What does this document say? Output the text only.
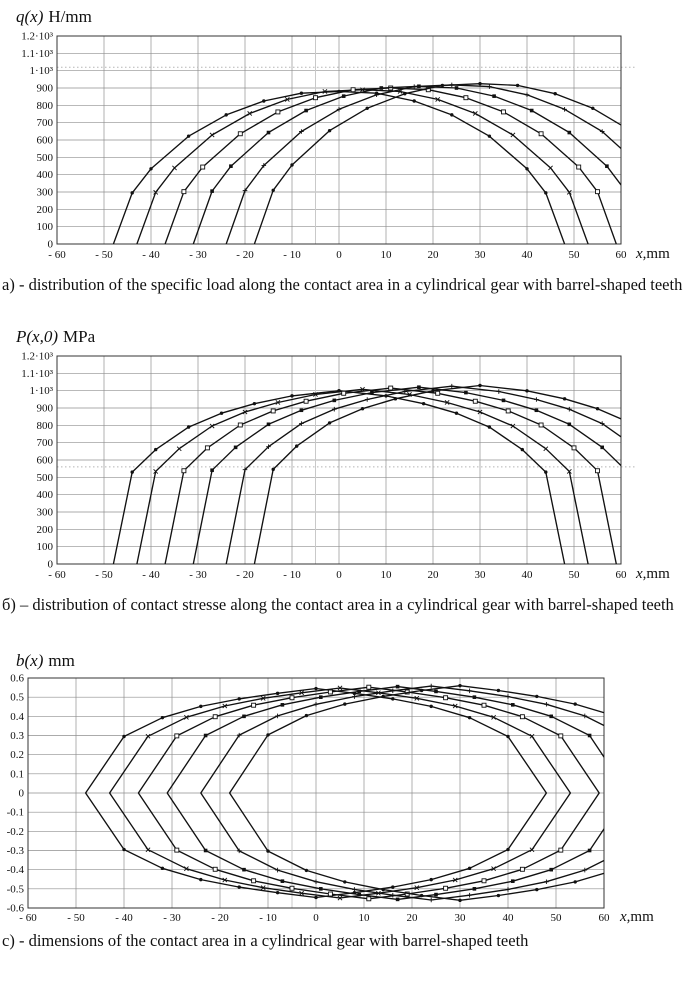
q(x) H/mm
- 60	- 50	- 40	- 30	- 20	- 10	0	10	20	30	40	50	60
1.2·10³
1.1·10³
1·10³
900
800
700
600
500
400
300
200
100
0
x,mm

a) - distribution of the specific load along the contact area in a cylindrical gear with barrel-shaped teeth

P(x,0) MPa
- 60	- 50	- 40	- 30	- 20	- 10	0	10	20	30	40	50	60
1.2·10³
1.1·10³
1·10³
900
800
700
600
500
400
300
200
100
0
x,mm

б) – distribution of contact stresse along the contact area in a cylindrical gear with barrel-shaped teeth

b(x) mm
- 60	- 50	- 40	- 30	- 20	- 10	0	10	20	30	40	50	60
0.6
0.5
0.4
0.3
0.2
0.1
0
-0.1
-0.2
-0.3
-0.4
-0.5
-0.6
x,mm

c) - dimensions of the contact area in a cylindrical gear with barrel-shaped teeth
